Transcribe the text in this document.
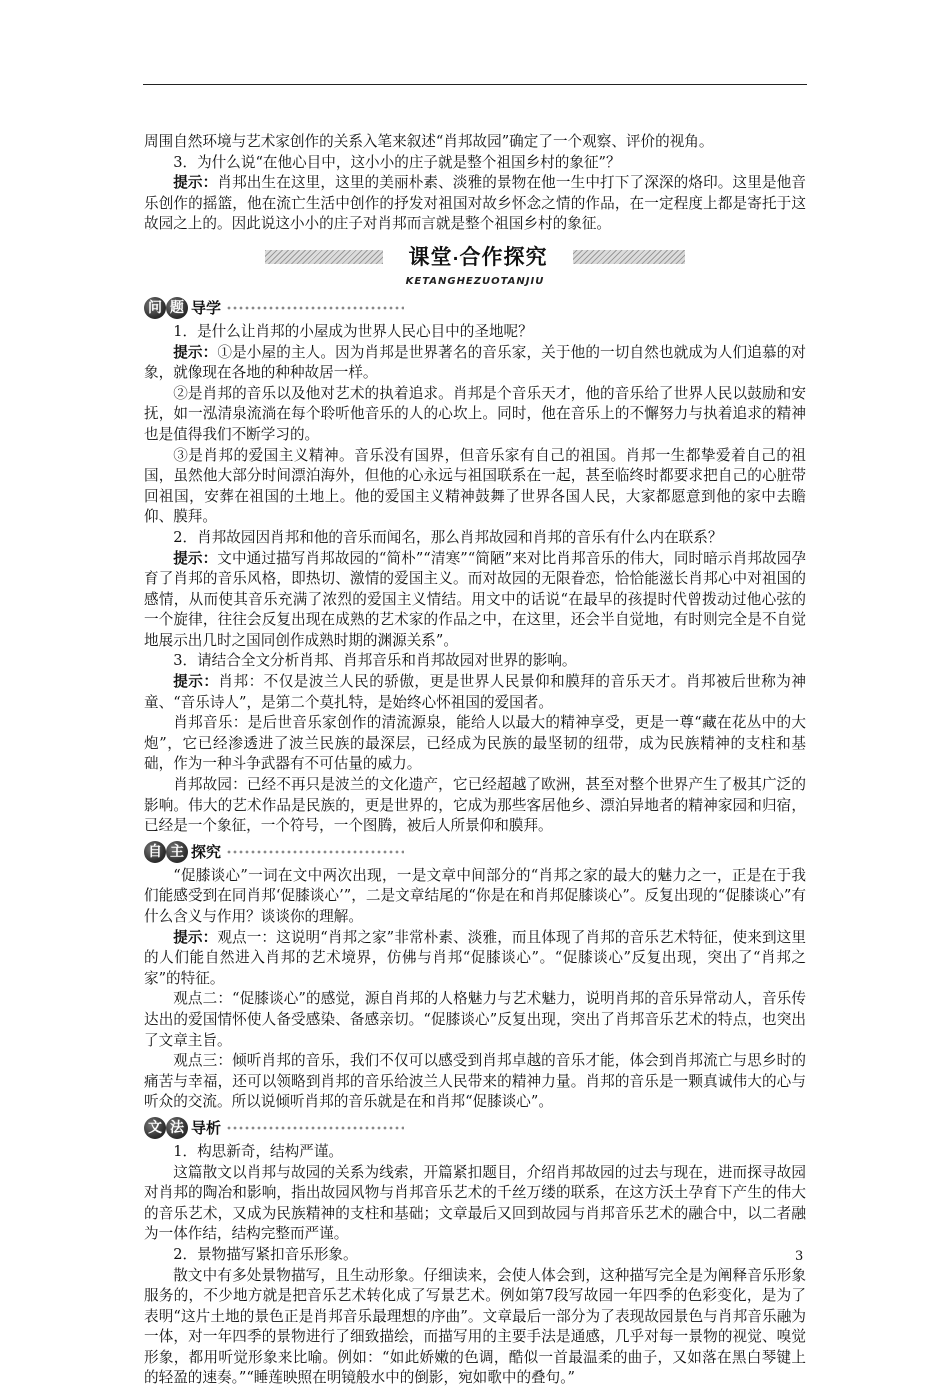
周围自然环境与艺术家创作的关系入笔来叙述“肖邦故园”确定了一个观察、评价的视角。

3．为什么说“在他心目中，这小小的庄子就是整个祖国乡村的象征”？

提示：肖邦出生在这里，这里的美丽朴素、淡雅的景物在他一生中打下了深深的烙印。这里是他音乐创作的摇篮，他在流亡生活中创作的抒发对祖国对故乡怀念之情的作品，在一定程度上都是寄托于这故园之上的。因此说这小小的庄子对肖邦而言就是整个祖国乡村的象征。

课堂·合作探究
KETANGHEZUOTANJIU
问 题 导学

1．是什么让肖邦的小屋成为世界人民心目中的圣地呢？

提示：①是小屋的主人。因为肖邦是世界著名的音乐家，关于他的一切自然也就成为人们追慕的对象，就像现在各地的种种故居一样。

②是肖邦的音乐以及他对艺术的执着追求。肖邦是个音乐天才，他的音乐给了世界人民以鼓励和安抚，如一泓清泉流淌在每个聆听他音乐的人的心坎上。同时，他在音乐上的不懈努力与执着追求的精神也是值得我们不断学习的。

③是肖邦的爱国主义精神。音乐没有国界，但音乐家有自己的祖国。肖邦一生都挚爱着自己的祖国，虽然他大部分时间漂泊海外，但他的心永远与祖国联系在一起，甚至临终时都要求把自己的心脏带回祖国，安葬在祖国的土地上。他的爱国主义精神鼓舞了世界各国人民，大家都愿意到他的家中去瞻仰、膜拜。

2．肖邦故园因肖邦和他的音乐而闻名，那么肖邦故园和肖邦的音乐有什么内在联系？

提示：文中通过描写肖邦故园的“简朴”“清寒”“简陋”来对比肖邦音乐的伟大，同时暗示肖邦故园孕育了肖邦的音乐风格，即热切、激情的爱国主义。而对故园的无限眷恋，恰恰能滋长肖邦心中对祖国的感情，从而使其音乐充满了浓烈的爱国主义情结。用文中的话说“在最早的孩提时代曾拨动过他心弦的一个旋律，往往会反复出现在成熟的艺术家的作品之中，在这里，还会半自觉地，有时则完全是不自觉地展示出几时之国同创作成熟时期的渊源关系”。

3．请结合全文分析肖邦、肖邦音乐和肖邦故园对世界的影响。

提示：肖邦：不仅是波兰人民的骄傲，更是世界人民景仰和膜拜的音乐天才。肖邦被后世称为神童、“音乐诗人”，是第二个莫扎特，是始终心怀祖国的爱国者。

肖邦音乐：是后世音乐家创作的清流源泉，能给人以最大的精神享受，更是一尊“藏在花丛中的大炮”，它已经渗透进了波兰民族的最深层，已经成为民族的最坚韧的纽带，成为民族精神的支柱和基础，作为一种斗争武器有不可估量的威力。

肖邦故园：已经不再只是波兰的文化遗产，它已经超越了欧洲，甚至对整个世界产生了极其广泛的影响。伟大的艺术作品是民族的，更是世界的，它成为那些客居他乡、漂泊异地者的精神家园和归宿，已经是一个象征，一个符号，一个图腾，被后人所景仰和膜拜。

自 主 探究

“促膝谈心”一词在文中两次出现，一是文章中间部分的“肖邦之家的最大的魅力之一，正是在于我们能感受到在同肖邦‘促膝谈心’”，二是文章结尾的“你是在和肖邦促膝谈心”。反复出现的“促膝谈心”有什么含义与作用？谈谈你的理解。

提示：观点一：这说明“肖邦之家”非常朴素、淡雅，而且体现了肖邦的音乐艺术特征，使来到这里的人们能自然进入肖邦的艺术境界，仿佛与肖邦“促膝谈心”。“促膝谈心”反复出现，突出了“肖邦之家”的特征。

观点二：“促膝谈心”的感觉，源自肖邦的人格魅力与艺术魅力，说明肖邦的音乐异常动人，音乐传达出的爱国情怀使人备受感染、备感亲切。“促膝谈心”反复出现，突出了肖邦音乐艺术的特点，也突出了文章主旨。

观点三：倾听肖邦的音乐，我们不仅可以感受到肖邦卓越的音乐才能，体会到肖邦流亡与思乡时的痛苦与幸福，还可以领略到肖邦的音乐给波兰人民带来的精神力量。肖邦的音乐是一颗真诚伟大的心与听众的交流。所以说倾听肖邦的音乐就是在和肖邦“促膝谈心”。

文 法 导析

1．构思新奇，结构严谨。

这篇散文以肖邦与故园的关系为线索，开篇紧扣题目，介绍肖邦故园的过去与现在，进而探寻故园对肖邦的陶冶和影响，指出故园风物与肖邦音乐艺术的千丝万缕的联系，在这方沃土孕育下产生的伟大的音乐艺术，又成为民族精神的支柱和基础；文章最后又回到故园与肖邦音乐艺术的融合中，以二者融为一体作结，结构完整而严谨。

2．景物描写紧扣音乐形象。

散文中有多处景物描写，且生动形象。仔细读来，会使人体会到，这种描写完全是为阐释音乐形象服务的，不少地方就是把音乐艺术转化成了写景艺术。例如第7段写故园一年四季的色彩变化，是为了表明“这片土地的景色正是肖邦音乐最理想的序曲”。文章最后一部分为了表现故园景色与肖邦音乐融为一体，对一年四季的景物进行了细致描绘，而描写用的主要手法是通感，几乎对每一景物的视觉、嗅觉形象，都用听觉形象来比喻。例如：“如此娇嫩的色调，酷似一首最温柔的曲子，又如落在黑白琴键上的轻盈的速奏。”“睡莲映照在明镜般水中的倒影，宛如歌中的叠句。”

3
